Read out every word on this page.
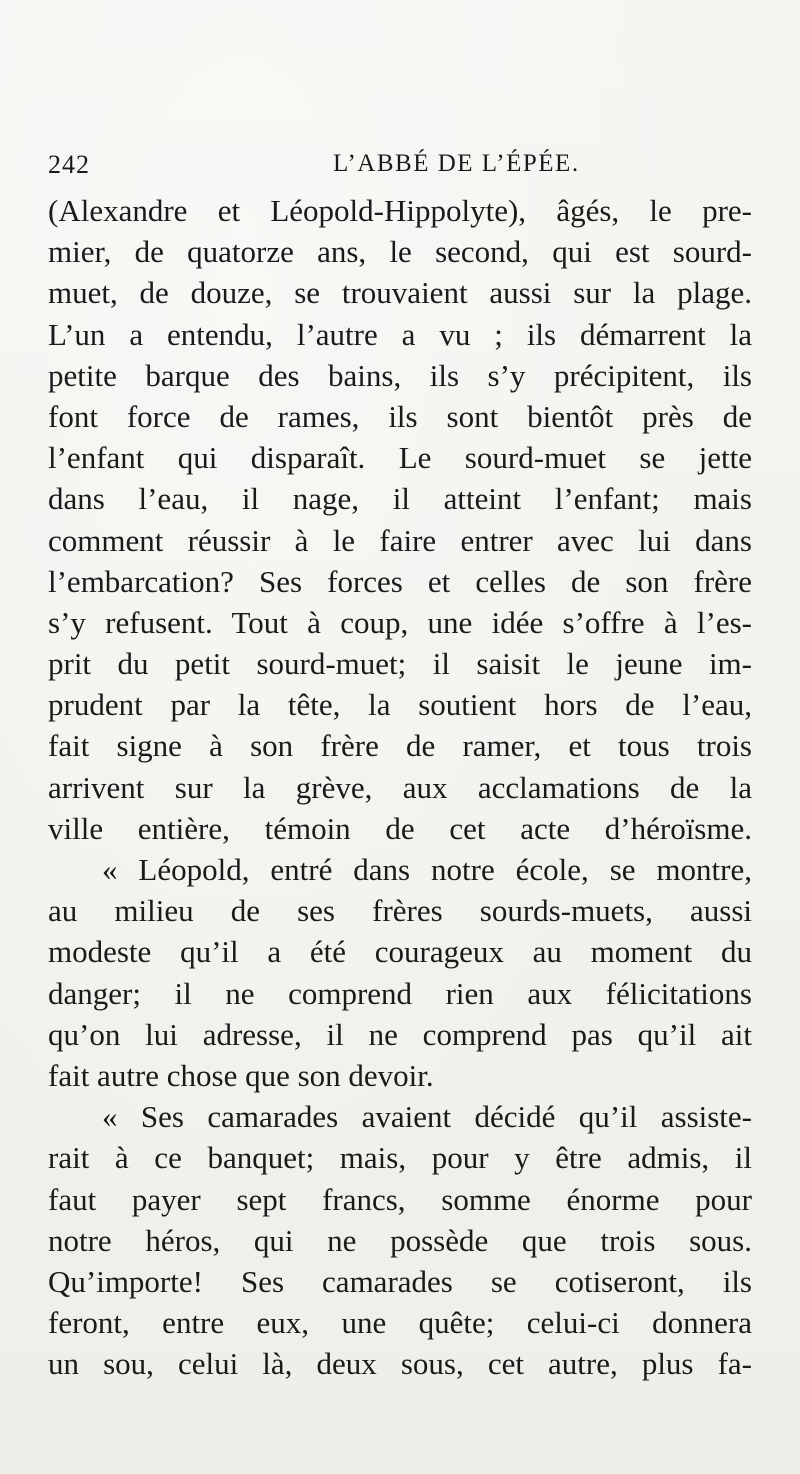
242	L’ABBÉ DE L’ÉPÉE.
(Alexandre et Léopold-Hippolyte), âgés, le pre-
mier, de quatorze ans, le second, qui est sourd-
muet, de douze, se trouvaient aussi sur la plage.
L’un a entendu, l’autre a vu ; ils démarrent la
petite barque des bains, ils s’y précipitent, ils
font force de rames, ils sont bientôt près de
l’enfant qui disparaît. Le sourd-muet se jette
dans l’eau, il nage, il atteint l’enfant; mais
comment réussir à le faire entrer avec lui dans
l’embarcation? Ses forces et celles de son frère
s’y refusent. Tout à coup, une idée s’offre à l’es-
prit du petit sourd-muet; il saisit le jeune im-
prudent par la tête, la soutient hors de l’eau,
fait signe à son frère de ramer, et tous trois
arrivent sur la grève, aux acclamations de la
ville entière, témoin de cet acte d’héroïsme.
« Léopold, entré dans notre école, se montre,
au milieu de ses frères sourds-muets, aussi
modeste qu’il a été courageux au moment du
danger; il ne comprend rien aux félicitations
qu’on lui adresse, il ne comprend pas qu’il ait
fait autre chose que son devoir.
« Ses camarades avaient décidé qu’il assiste-
rait à ce banquet; mais, pour y être admis, il
faut payer sept francs, somme énorme pour
notre héros, qui ne possède que trois sous.
Qu’importe! Ses camarades se cotiseront, ils
feront, entre eux, une quête; celui-ci donnera
un sou, celui là, deux sous, cet autre, plus fa-
